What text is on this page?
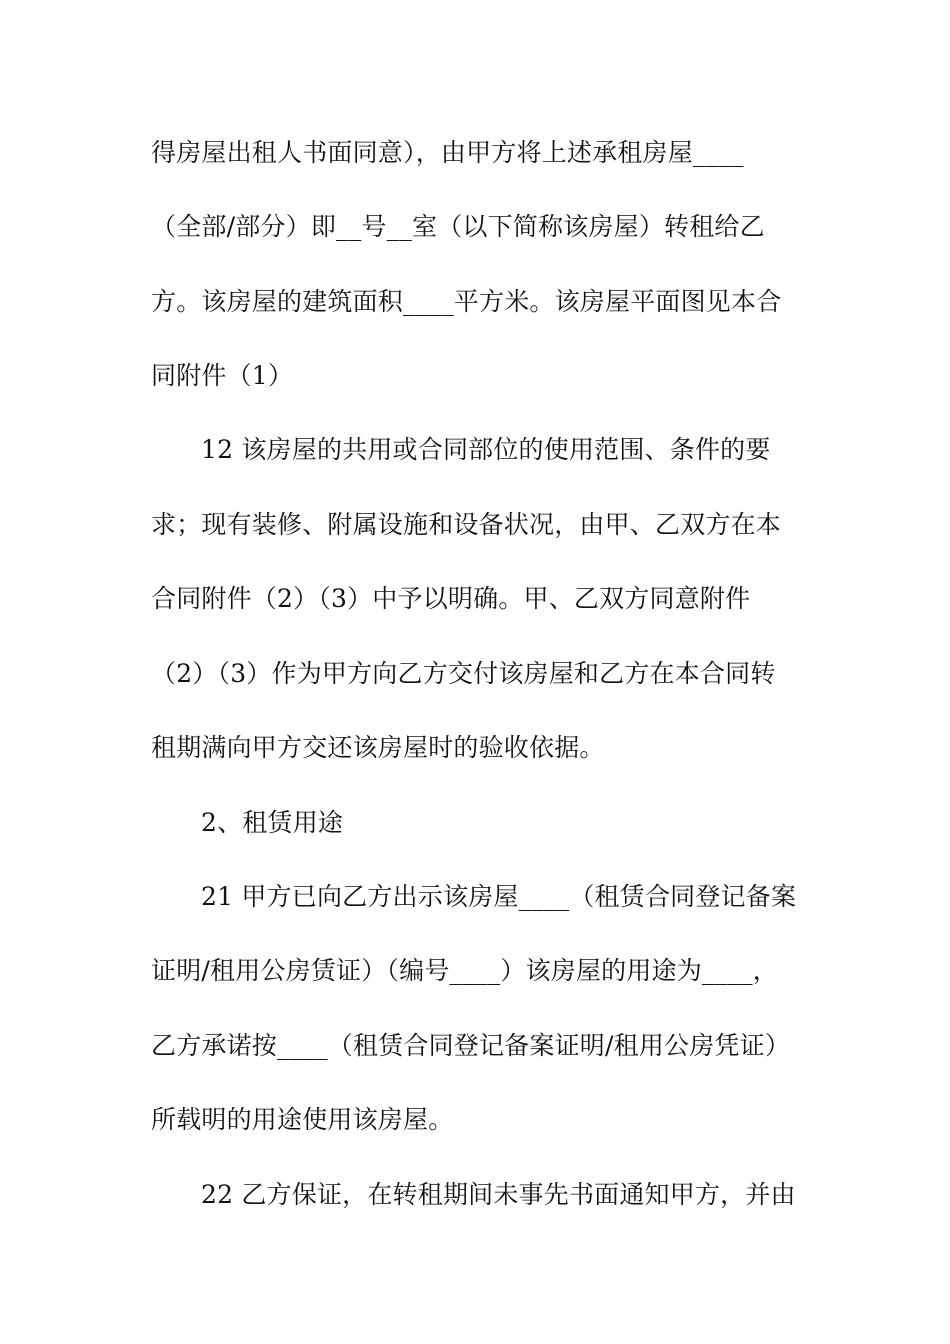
得房屋出租人书面同意），由甲方将上述承租房屋____

（全部/部分）即__号__室（以下简称该房屋）转租给乙

方。该房屋的建筑面积____平方米。该房屋平面图见本合

同附件（1）

12 该房屋的共用或合同部位的使用范围、条件的要

求；现有装修、附属设施和设备状况，由甲、乙双方在本

合同附件（2）（3）中予以明确。甲、乙双方同意附件

（2）（3）作为甲方向乙方交付该房屋和乙方在本合同转

租期满向甲方交还该房屋时的验收依据。

2、租赁用途

21 甲方已向乙方出示该房屋____（租赁合同登记备案

证明/租用公房赁证）（编号____）该房屋的用途为____，

乙方承诺按____（租赁合同登记备案证明/租用公房凭证）

所载明的用途使用该房屋。

22 乙方保证，在转租期间未事先书面通知甲方，并由
